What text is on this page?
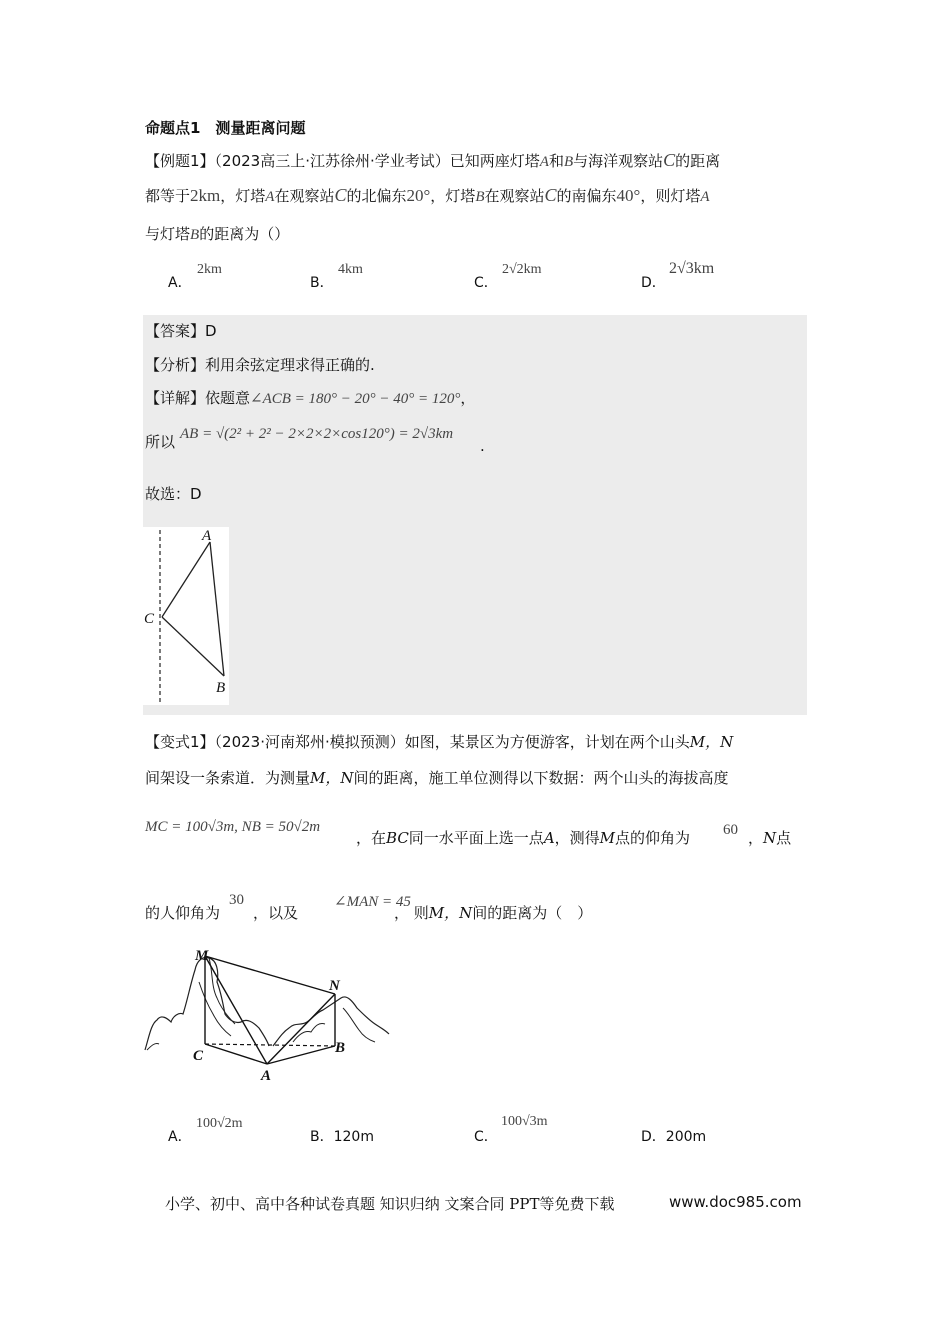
命题点1　测量距离问题
【例题1】（2023高三上·江苏徐州·学业考试）已知两座灯塔A和B与海洋观察站C的距离
都等于2km，灯塔A在观察站C的北偏东20°，灯塔B在观察站C的南偏东40°，则灯塔A
与灯塔B的距离为（）
A．
2km
B．
4km
C．
2√2km
D．
2√3km
【答案】D
【分析】利用余弦定理求得正确的.
【详解】依题意∠ACB = 180° − 20° − 40° = 120°，
所以 AB = √(2² + 2² − 2×2×2×cos120°) = 2√3km
.
故选：D
A
C
B
【变式1】（2023·河南郑州·模拟预测）如图，某景区为方便游客，计划在两个山头M，N
间架设一条索道．为测量M，N间的距离，施工单位测得以下数据：两个山头的海拔高度
MC = 100√3m, NB = 50√2m
，在BC同一水平面上选一点A，测得M点的仰角为 60 ，N点
的人仰角为
30
，以及
∠MAN = 45
， 则M，N间的距离为（　）
M
N
C
A
B
A．
100√2m
B．120m	C．
100√3m
D．200m
小学、初中、高中各种试卷真题 知识归纳 文案合同 PPT等免费下载	www.doc985.com
